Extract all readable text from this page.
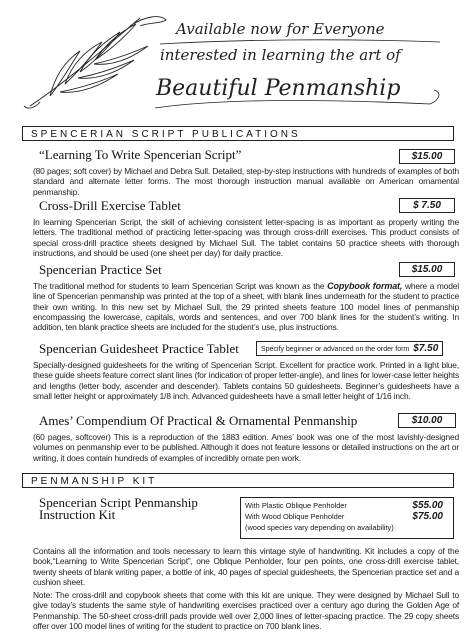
Available now for Everyone
interested in learning the art of
Beautiful Penmanship
SPENCERIAN SCRIPT PUBLICATIONS
“Learning To Write Spencerian Script”
(80 pages; soft cover) by Michael and Debra Sull. Detailed, step-by-step instructions with hundreds of examples of both standard and alternate letter forms. The most thorough instruction manual available on American ornamental penmanship.
$15.00
Cross-Drill Exercise Tablet
In learning Spencerian Script, the skill of achieving consistent letter-spacing is as important as properly writing the letters. The traditional method of practicing letter-spacing was through cross-drill exercises. This product consists of special cross-drill practice sheets designed by Michael Sull. The tablet contains 50 practice sheets with thorough instructions, and should be used (one sheet per day) for daily practice.
$ 7.50
Spencerian Practice Set
The traditional method for students to learn Spencerian Script was known as the Copybook format, where a model line of Spencerian penmanship was printed at the top of a sheet, with blank lines underneath for the student to practice their own writing. In this new set by Michael Sull, the 29 printed sheets feature 100 model lines of penmanship encompassing the lowercase, capitals, words and sentences, and over 700 blank lines for the student’s writing. In addition, ten blank practice sheets are included for the student’s use, plus instructions.
$15.00
Spencerian Guidesheet Practice Tablet
Specially-designed guidesheets for the writing of Spencerian Script. Excellent for practice work. Printed in a light blue, these guide sheets feature correct slant lines (for indication of proper letter-angle), and lines for lower-case letter heights and lengths (letter body, ascender and descender). Tablets contains 50 guidesheets. Beginner’s guidesheets have a small letter height or approximately 1/8 inch. Advanced guidesheets have a small letter height of 1/16 inch.
Specify beginner or advanced on the order form $7.50
Ames’ Compendium Of Practical & Ornamental Penmanship
(60 pages, softcover) This is a reproduction of the 1883 edition. Ames’ book was one of the most lavishly-designed volumes on penmanship ever to be published. Although it does not feature lessons or detailed instructions on the art or writing, it does contain hundreds of examples of incredibly ornate pen work.
$10.00
PENMANSHIP KIT
Spencerian Script Penmanship
Instruction Kit
With Plastic Oblique Penholder	$55.00
With Wood Oblique Penholder	$75.00
(wood species vary depending on availability)
Contains all the information and tools necessary to learn this vintage style of handwriting. Kit includes a copy of the book,“Learning to Write Spencerian Script”, one Oblique Penholder, four pen points, one cross-drill exercise tablet, twenty sheets of blank writing paper, a bottle of ink, 40 pages of special guidesheets, the Spencerian practice set and a cushion sheet.
Note: The cross-drill and copybook sheets that come with this kit are unique. They were designed by Michael Sull to give today’s students the same style of handwriting exercises practiced over a century ago during the Golden Age of Penmanship. The 50-sheet cross-drill pads provide well over 2,000 lines of letter-spacing practice. The 29 copy sheets offer over 100 model lines of writing for the student to practice on 700 blank lines.
